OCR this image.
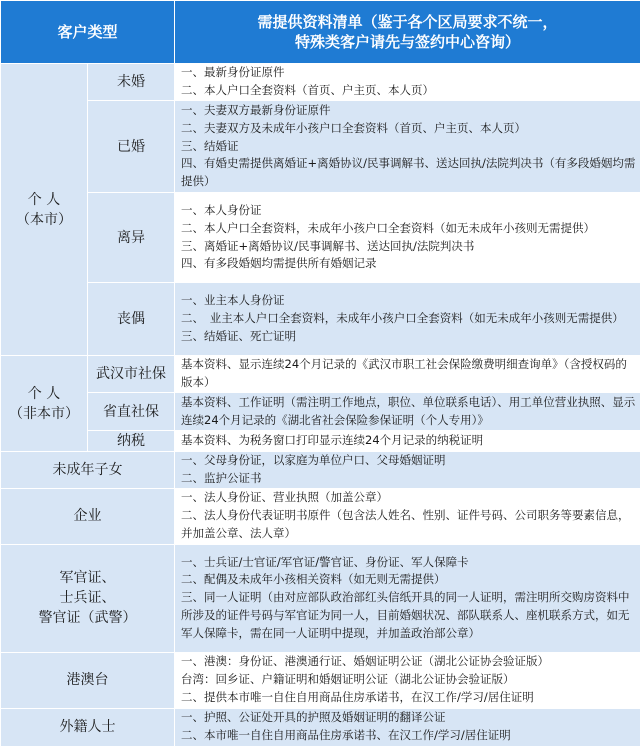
客户类型		需提供资料清单（鉴于各个区局要求不统一，
特殊类客户请先与签约中心咨询）

个 人
（本市）	未婚	一、最新身份证原件
二、本人户口全套资料（首页、户主页、本人页）

	已婚	一、夫妻双方最新身份证原件
二、夫妻双方及未成年小孩户口全套资料（首页、户主页、本人页）
三、结婚证
四、有婚史需提供离婚证+离婚协议/民事调解书、送达回执/法院判决书（有多段婚姻均需提供）

	离异	一、本人身份证
二、本人户口全套资料，未成年小孩户口全套资料（如无未成年小孩则无需提供）
三、离婚证+离婚协议/民事调解书、送达回执/法院判决书
四、有多段婚姻均需提供所有婚姻记录

	丧偶	一、业主本人身份证
二、　业主本人户口全套资料，未成年小孩户口全套资料（如无未成年小孩则无需提供）
三、结婚证、死亡证明

个 人
（非本市）	武汉市社保	基本资料、显示连续24个月记录的《武汉市职工社会保险缴费明细查询单》（含授权码的版本）

	省直社保	基本资料、工作证明（需注明工作地点，职位、单位联系电话）、用工单位营业执照、显示连续24个月记录的《湖北省社会保险参保证明（个人专用）》

	纳税	基本资料、为税务窗口打印显示连续24个月记录的纳税证明

未成年子女		一、父母身份证，以家庭为单位户口、父母婚姻证明
二、监护公证书

企业		一、法人身份证、营业执照（加盖公章）
二、法人身份代表证明书原件（包含法人姓名、性别、证件号码、公司职务等要素信息，并加盖公章、法人章）

军官证、
士兵证、
警官证（武警）		一、士兵证/士官证/军官证/警官证、身份证、军人保障卡
二、配偶及未成年小孩相关资料（如无则无需提供）
三、同一人证明（由对应部队政治部红头信纸开具的同一人证明，需注明所交购房资料中所涉及的证件号码与军官证为同一人，目前婚姻状况、部队联系人、座机联系方式，如无军人保障卡，需在同一人证明中提现，并加盖政治部公章）

港澳台		一、港澳：身份证、港澳通行证、婚姻证明公证（湖北公证协会验证版）
台湾：回乡证、户籍证明和婚姻证明公证（湖北公证协会验证版）
二、提供本市唯一自住自用商品住房承诺书，在汉工作/学习/居住证明

外籍人士		一、护照、公证处开具的护照及婚姻证明的翻译公证
二、本市唯一自住自用商品住房承诺书、在汉工作/学习/居住证明
